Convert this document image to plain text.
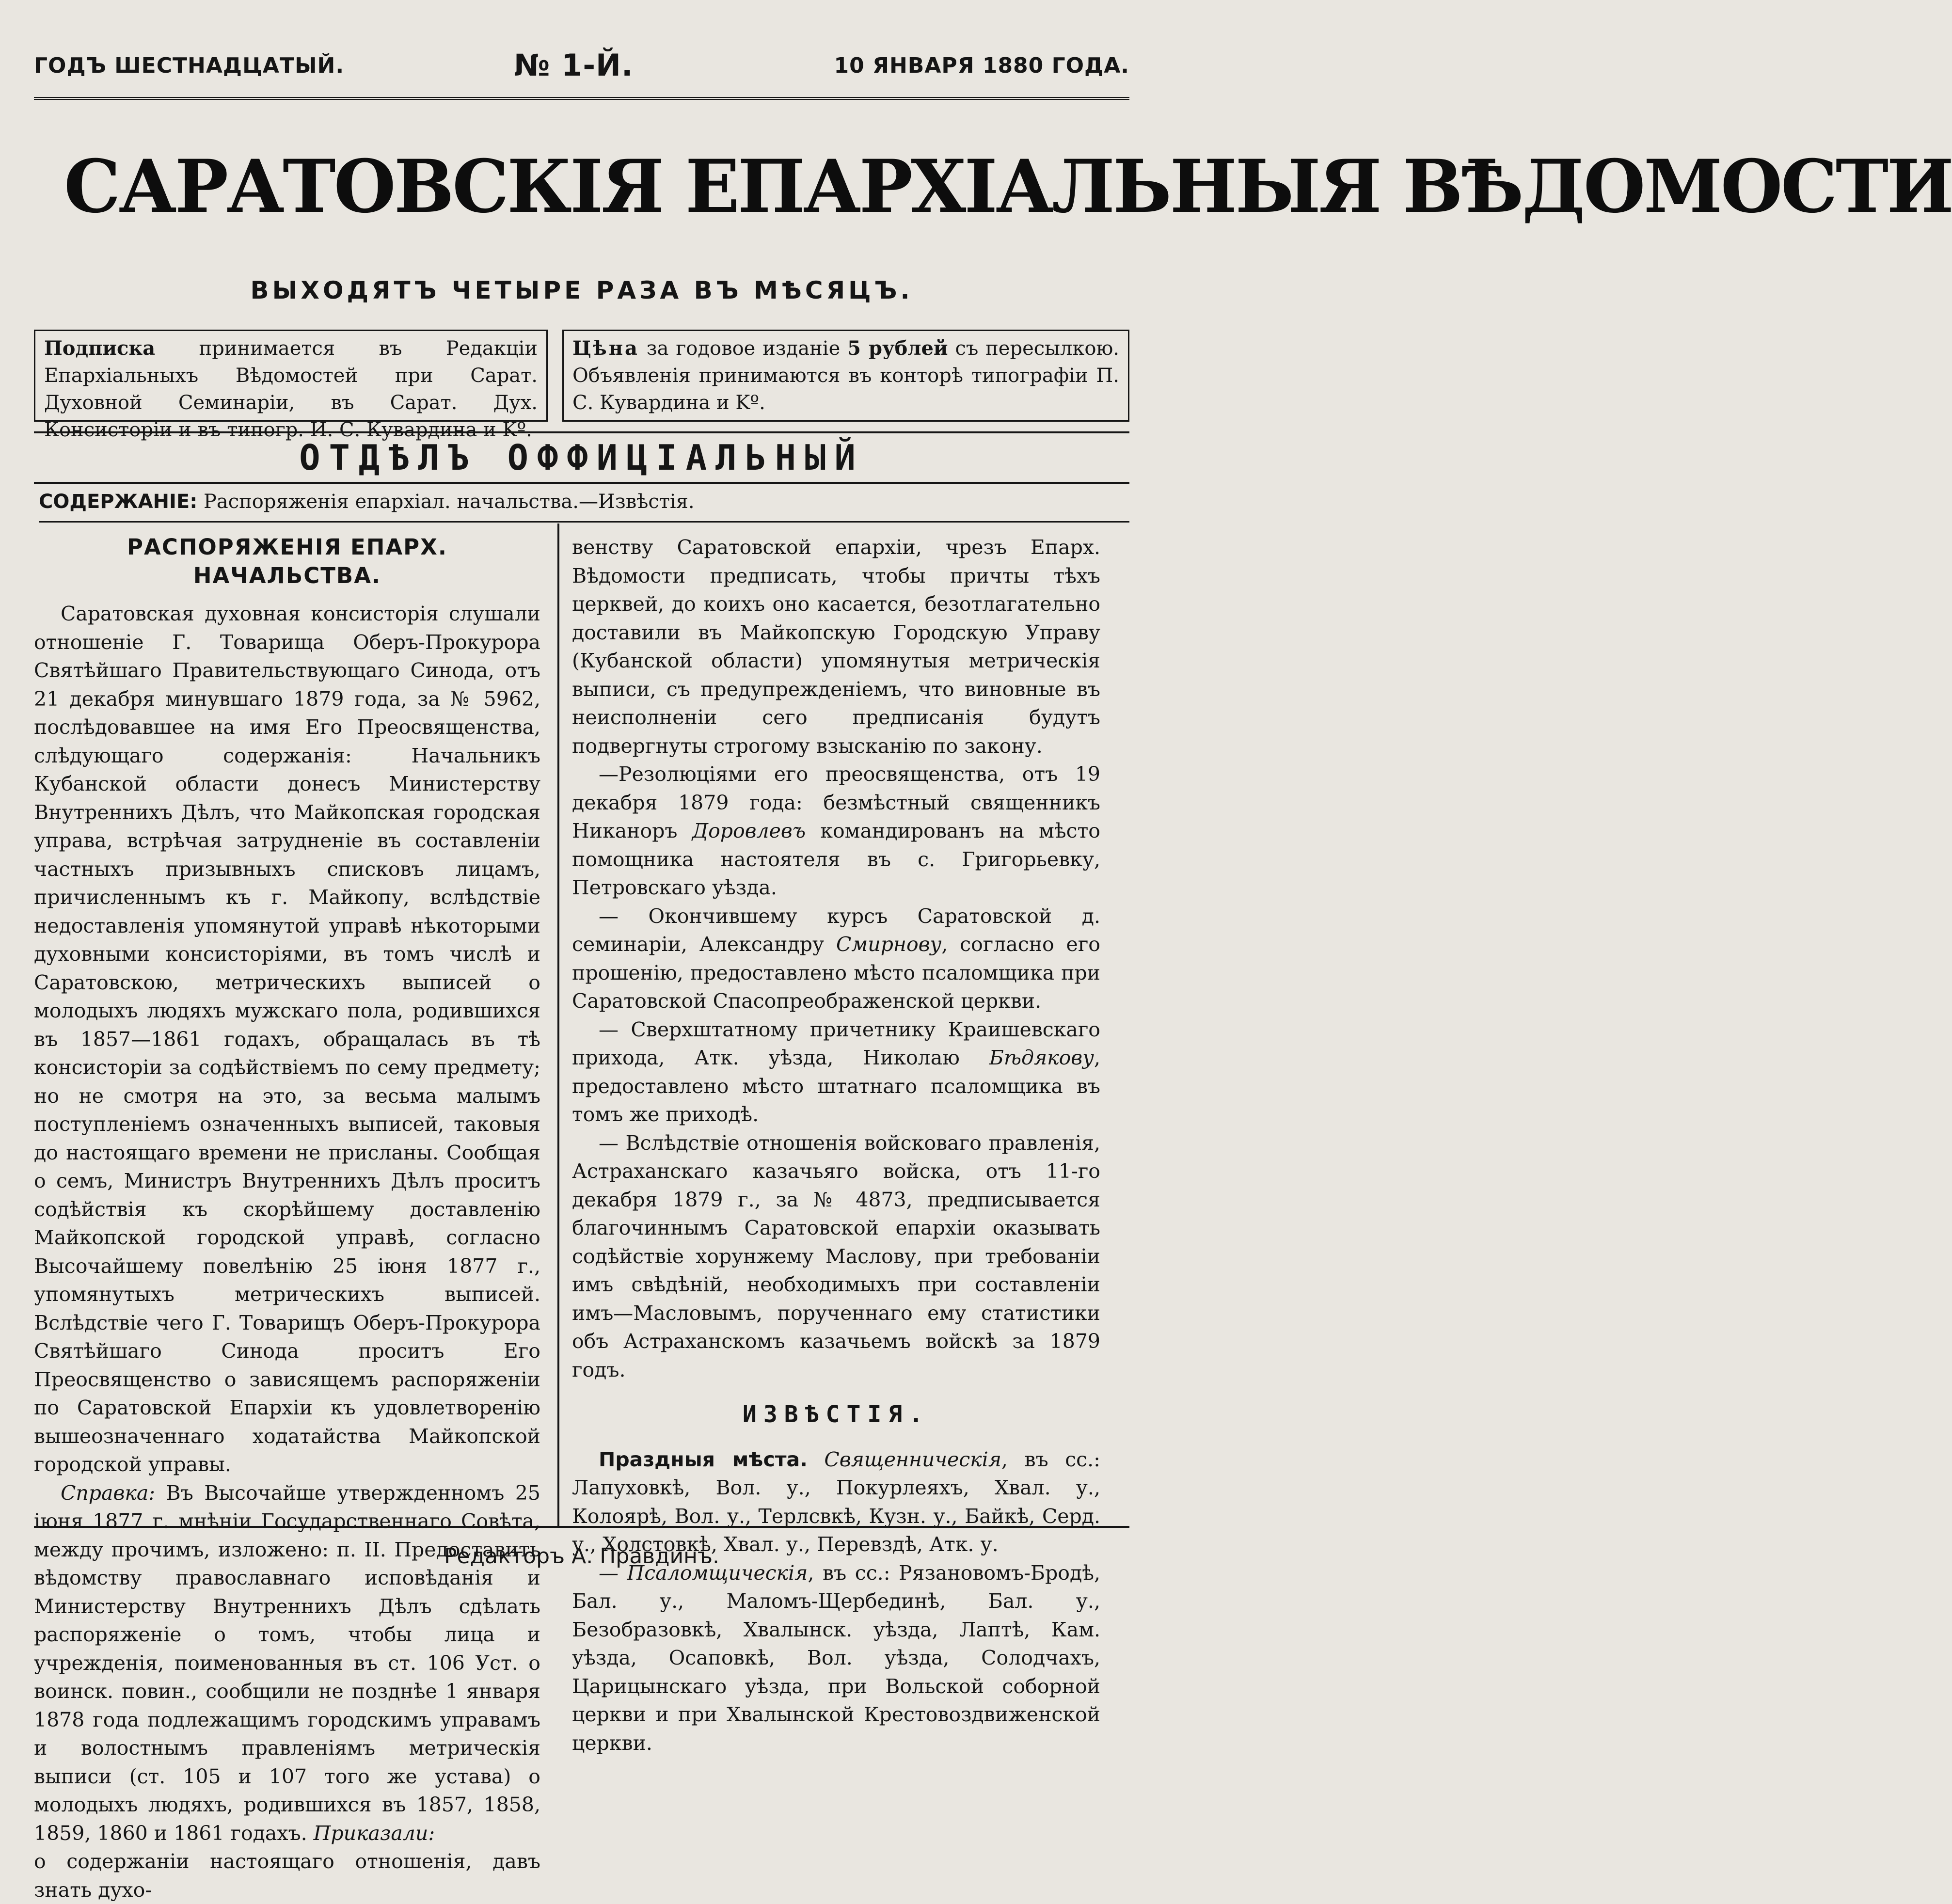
ГОДЪ ШЕСТНАДЦАТЫЙ.	№ 1-Й.	10 ЯНВАРЯ 1880 ГОДА.
САРАТОВСКІЯ ЕПАРХІАЛЬНЫЯ ВѢДОМОСТИ
ВЫХОДЯТЪ ЧЕТЫРЕ РАЗА ВЪ МѢСЯЦЪ.
Подписка принимается въ Редакціи Епархіальныхъ Вѣдомостей при Сарат. Духовной Семинаріи, въ Сарат. Дух. Консисторіи и въ типогр. И. С. Кувардина и Kº.
Цѣна за годовое изданіе 5 рублей съ пересылкою. Объявленія принимаются въ конторѣ типографіи П. С. Кувардина и Kº.
ОТДѢЛЪ ОФФИЦІАЛЬНЫЙ
СОДЕРЖАНІЕ: Распоряженія епархіал. начальства.—Извѣстія.
РАСПОРЯЖЕНІЯ ЕПАРХ. НАЧАЛЬСТВА.

Саратовская духовная консисторія слушали отношеніе Г. Товарища Оберъ-Прокурора Святѣйшаго Правительствующаго Синода, отъ 21 декабря минувшаго 1879 года, за № 5962, послѣдовавшее на имя Его Преосвященства, слѣдующаго содержанія: Начальникъ Кубанской области донесъ Министерству Внутреннихъ Дѣлъ, что Майкопская городская управа, встрѣчая затрудненіе въ составленіи частныхъ призывныхъ списковъ лицамъ, причисленнымъ къ г. Майкопу, вслѣдствіе недоставленія упомянутой управѣ нѣкоторыми духовными консисторіями, въ томъ числѣ и Саратовскою, метрическихъ выписей о молодыхъ людяхъ мужскаго пола, родившихся въ 1857—1861 годахъ, обращалась въ тѣ консисторіи за содѣйствіемъ по сему предмету; но не смотря на это, за весьма малымъ поступленіемъ означенныхъ выписей, таковыя до настоящаго времени не присланы. Сообщая о семъ, Министръ Внутреннихъ Дѣлъ проситъ содѣйствія къ скорѣйшему доставленію Майкопской городской управѣ, согласно Высочайшему повелѣнію 25 іюня 1877 г., упомянутыхъ метрическихъ выписей. Вслѣдствіе чего Г. Товарищъ Оберъ-Прокурора Святѣйшаго Синода проситъ Его Преосвященство о зависящемъ распоряженіи по Саратовской Епархіи къ удовлетворенію вышеозначеннаго ходатайства Майкопской городской управы.

Справка: Въ Высочайше утвержденномъ 25 іюня 1877 г. мнѣніи Государственнаго Совѣта, между прочимъ, изложено: п. II. Предоставить вѣдомству православнаго исповѣданія и Министерству Внутреннихъ Дѣлъ сдѣлать распоряженіе о томъ, чтобы лица и учрежденія, поименованныя въ ст. 106 Уст. о воинск. повин., сообщили не позднѣе 1 января 1878 года подлежащимъ городскимъ управамъ и волостнымъ правленіямъ метрическія выписи (ст. 105 и 107 того же устава) о молодыхъ людяхъ, родившихся въ 1857, 1858, 1859, 1860 и 1861 годахъ. Приказали:

о содержаніи настоящаго отношенія, давъ знать духо-

венству Саратовской епархіи, чрезъ Епарх. Вѣдомости предписать, чтобы причты тѣхъ церквей, до коихъ оно касается, безотлагательно доставили въ Майкопскую Городскую Управу (Кубанской области) упомянутыя метрическія выписи, съ предупрежденіемъ, что виновные въ неисполненіи сего предписанія будутъ подвергнуты строгому взысканію по закону.

—Резолюціями его преосвященства, отъ 19 декабря 1879 года: безмѣстный священникъ Никаноръ Доровлевъ командированъ на мѣсто помощника настоятеля въ с. Григорьевку, Петровскаго уѣзда.

— Окончившему курсъ Саратовской д. семинаріи, Александру Смирнову, согласно его прошенію, предоставлено мѣсто псаломщика при Саратовской Спасопреображенской церкви.

— Сверхштатному причетнику Краишевскаго прихода, Атк. уѣзда, Николаю Бѣдякову, предоставлено мѣсто штатнаго псаломщика въ томъ же приходѣ.

— Вслѣдствіе отношенія войсковаго правленія, Астраханскаго казачьяго войска, отъ 11-го декабря 1879 г., за № 4873, предписывается благочиннымъ Саратовской епархіи оказывать содѣйствіе хорунжему Маслову, при требованіи имъ свѣдѣній, необходимыхъ при составленіи имъ—Масловымъ, порученнаго ему статистики объ Астраханскомъ казачьемъ войскѣ за 1879 годъ.

ИЗВѢСТІЯ.

Праздныя мѣста. Священническія, въ сс.: Лапуховкѣ, Вол. у., Покурлеяхъ, Хвал. у., Колоярѣ, Вол. у., Терлсвкѣ, Кузн. у., Байкѣ, Серд. у., Холстовкѣ, Хвал. у., Перевздѣ, Атк. у.

— Псаломщическія, въ сс.: Рязановомъ-Бродѣ, Бал. у., Маломъ-Щербединѣ, Бал. у., Безобразовкѣ, Хвалынск. уѣзда, Лаптѣ, Кам. уѣзда, Осаповкѣ, Вол. уѣзда, Солодчахъ, Царицынскаго уѣзда, при Вольской соборной церкви и при Хвалынской Крестовоздвиженской церкви.

Редакторъ А. Правдинъ.
